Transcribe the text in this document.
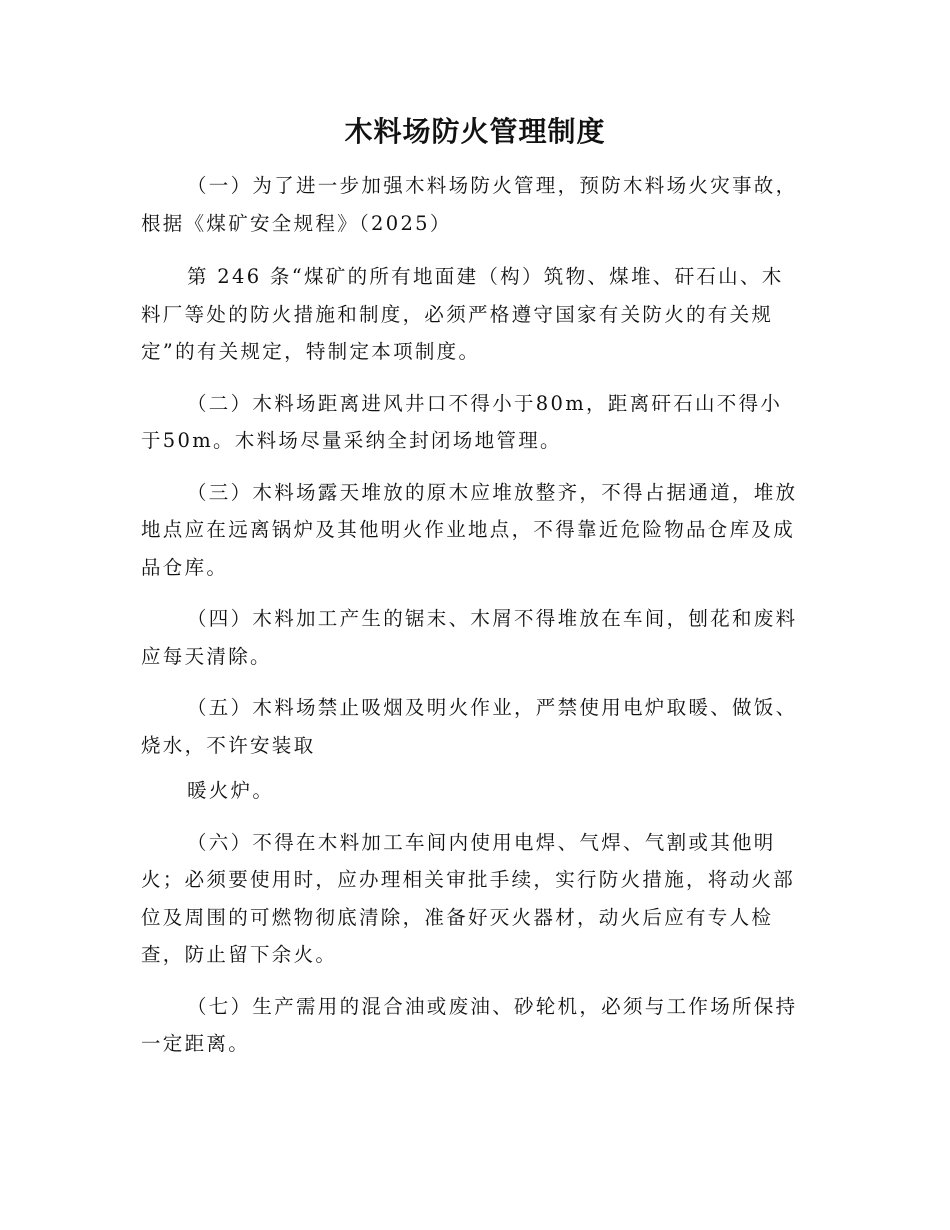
木料场防火管理制度

（一）为了进一步加强木料场防火管理，预防木料场火灾事故，根据《煤矿安全规程》（2025）

第 246 条“煤矿的所有地面建（构）筑物、煤堆、矸石山、木料厂等处的防火措施和制度，必须严格遵守国家有关防火的有关规定”的有关规定，特制定本项制度。

（二）木料场距离进风井口不得小于80m，距离矸石山不得小于50m。木料场尽量采纳全封闭场地管理。

（三）木料场露天堆放的原木应堆放整齐，不得占据通道，堆放地点应在远离锅炉及其他明火作业地点，不得靠近危险物品仓库及成品仓库。

（四）木料加工产生的锯末、木屑不得堆放在车间，刨花和废料应每天清除。

（五）木料场禁止吸烟及明火作业，严禁使用电炉取暖、做饭、烧水，不许安装取

暖火炉。

（六）不得在木料加工车间内使用电焊、气焊、气割或其他明火；必须要使用时，应办理相关审批手续，实行防火措施，将动火部位及周围的可燃物彻底清除，准备好灭火器材，动火后应有专人检查，防止留下余火。

（七）生产需用的混合油或废油、砂轮机，必须与工作场所保持一定距离。
